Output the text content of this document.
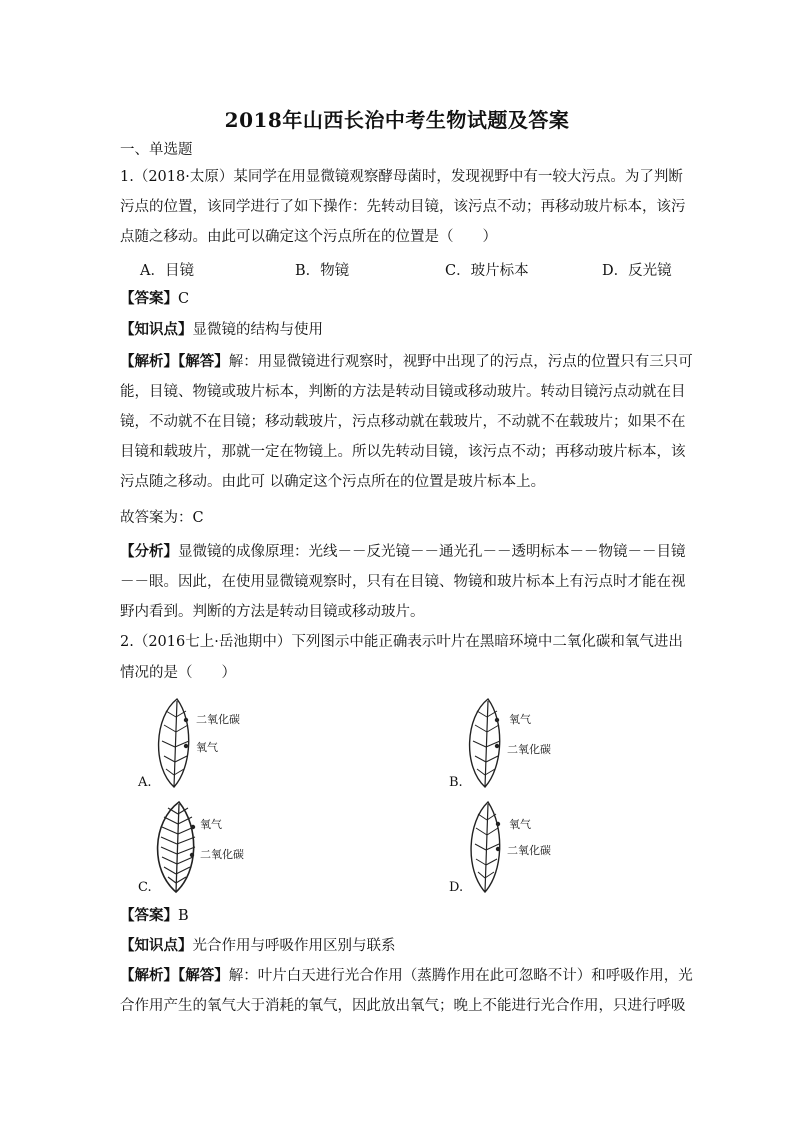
2018年山西长治中考生物试题及答案
一、单选题
1.（2018·太原）某同学在用显微镜观察酵母菌时，发现视野中有一较大污点。为了判断
污点的位置，该同学进行了如下操作：先转动目镜，该污点不动；再移动玻片标本，该污
点随之移动。由此可以确定这个污点所在的位置是（　　）
A．目镜	B．物镜	C．玻片标本	D．反光镜
【答案】C
【知识点】显微镜的结构与使用
【解析】【解答】解：用显微镜进行观察时，视野中出现了的污点，污点的位置只有三只可
能，目镜、物镜或玻片标本，判断的方法是转动目镜或移动玻片。转动目镜污点动就在目
镜，不动就不在目镜；移动载玻片，污点移动就在载玻片，不动就不在载玻片；如果不在
目镜和载玻片，那就一定在物镜上。所以先转动目镜，该污点不动；再移动玻片标本，该
污点随之移动。由此可 以确定这个污点所在的位置是玻片标本上。
故答案为：C
【分析】显微镜的成像原理：光线－－反光镜－－通光孔－－透明标本－－物镜－－目镜
－－眼。因此，在使用显微镜观察时，只有在目镜、物镜和玻片标本上有污点时才能在视
野内看到。判断的方法是转动目镜或移动玻片。
2.（2016七上·岳池期中）下列图示中能正确表示叶片在黑暗环境中二氧化碳和氧气进出
情况的是（　　）
二氧化碳
氧气
A.
氧气
二氧化碳
B.
氧气
二氧化碳
C.
氧气
二氧化碳
D.
【答案】B
【知识点】光合作用与呼吸作用区别与联系
【解析】【解答】解：叶片白天进行光合作用（蒸腾作用在此可忽略不计）和呼吸作用，光
合作用产生的氧气大于消耗的氧气，因此放出氧气；晚上不能进行光合作用，只进行呼吸
